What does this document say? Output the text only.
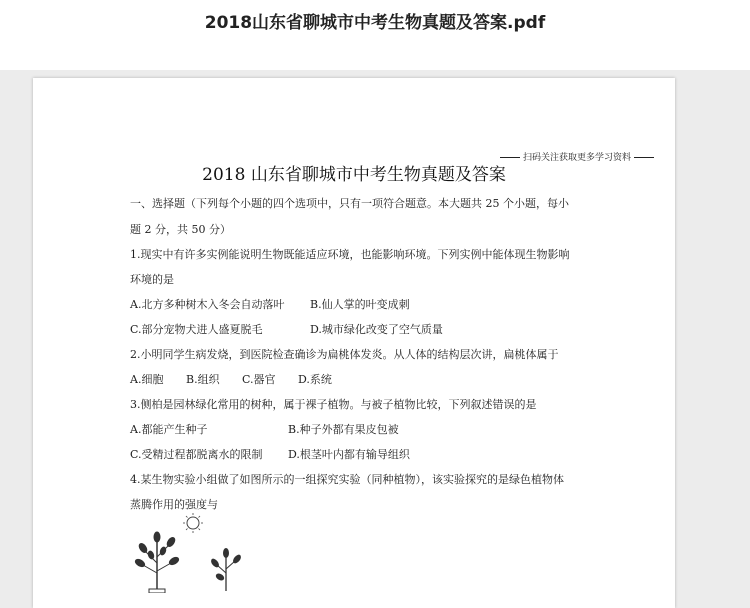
2018山东省聊城市中考生物真题及答案.pdf
扫码关注获取更多学习资料
2018 山东省聊城市中考生物真题及答案
一、选择题（下列每个小题的四个选项中，只有一项符合题意。本大题共 25 个小题，每小
题 2 分，共 50 分）
1.现实中有许多实例能说明生物既能适应环境，也能影响环境。下列实例中能体现生物影响
环境的是
A.北方多种树木入冬会自动落叶 B.仙人掌的叶变成刺
C.部分宠物犬进人盛夏脱毛	D.城市绿化改变了空气质量
2.小明同学生病发烧，到医院检查确诊为扁桃体发炎。从人体的结构层次讲，扁桃体属于
A.细胞 B.组织 C.器官 D.系统
3.侧柏是园林绿化常用的树种，属于裸子植物。与被子植物比较，下列叙述错误的是
A.都能产生种子	B.种子外都有果皮包被
C.受精过程都脱离水的限制 D.根茎叶内都有输导组织
4.某生物实验小组做了如图所示的一组探究实验（同种植物），该实验探究的是绿色植物体
蒸腾作用的强度与
